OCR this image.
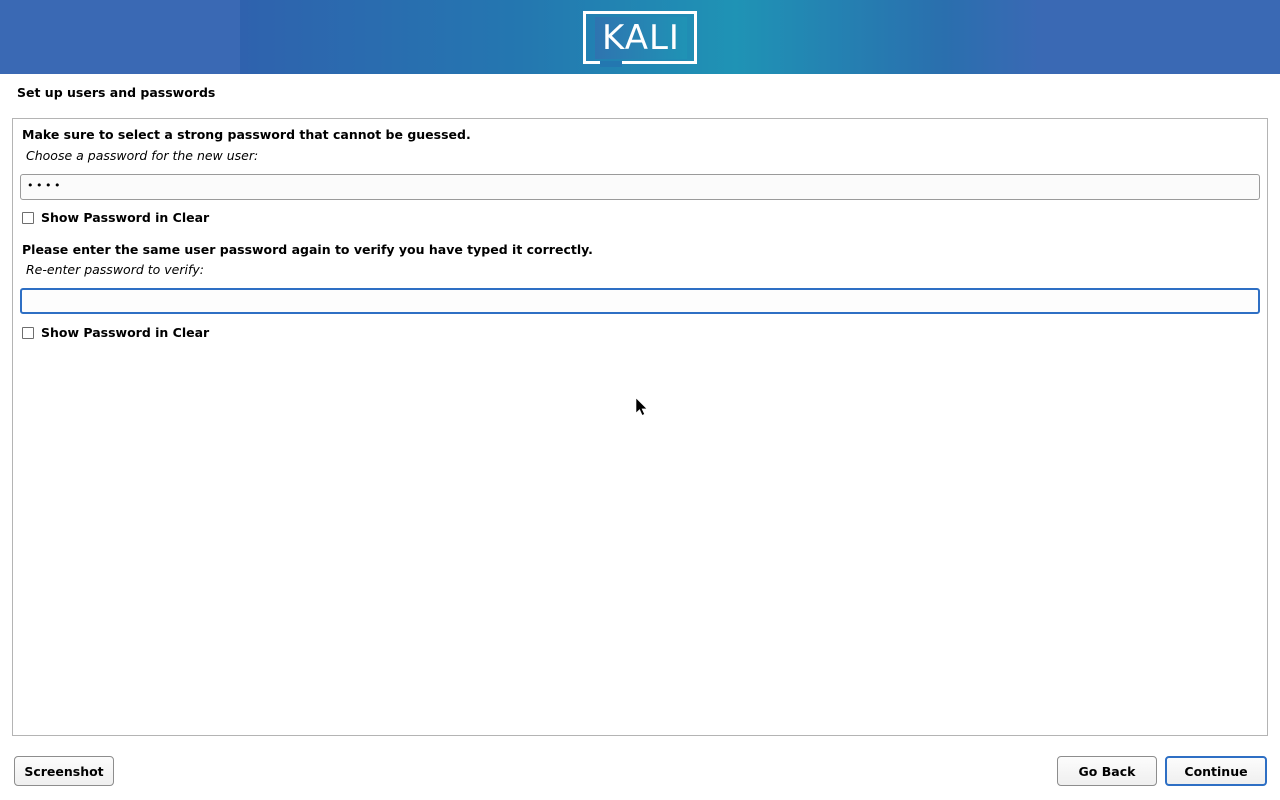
KALI
Set up users and passwords
Make sure to select a strong password that cannot be guessed.
Choose a password for the new user:
Show Password in Clear
Please enter the same user password again to verify you have typed it correctly.
Re-enter password to verify:
Show Password in Clear
••••
Screenshot	Go Back	Continue
